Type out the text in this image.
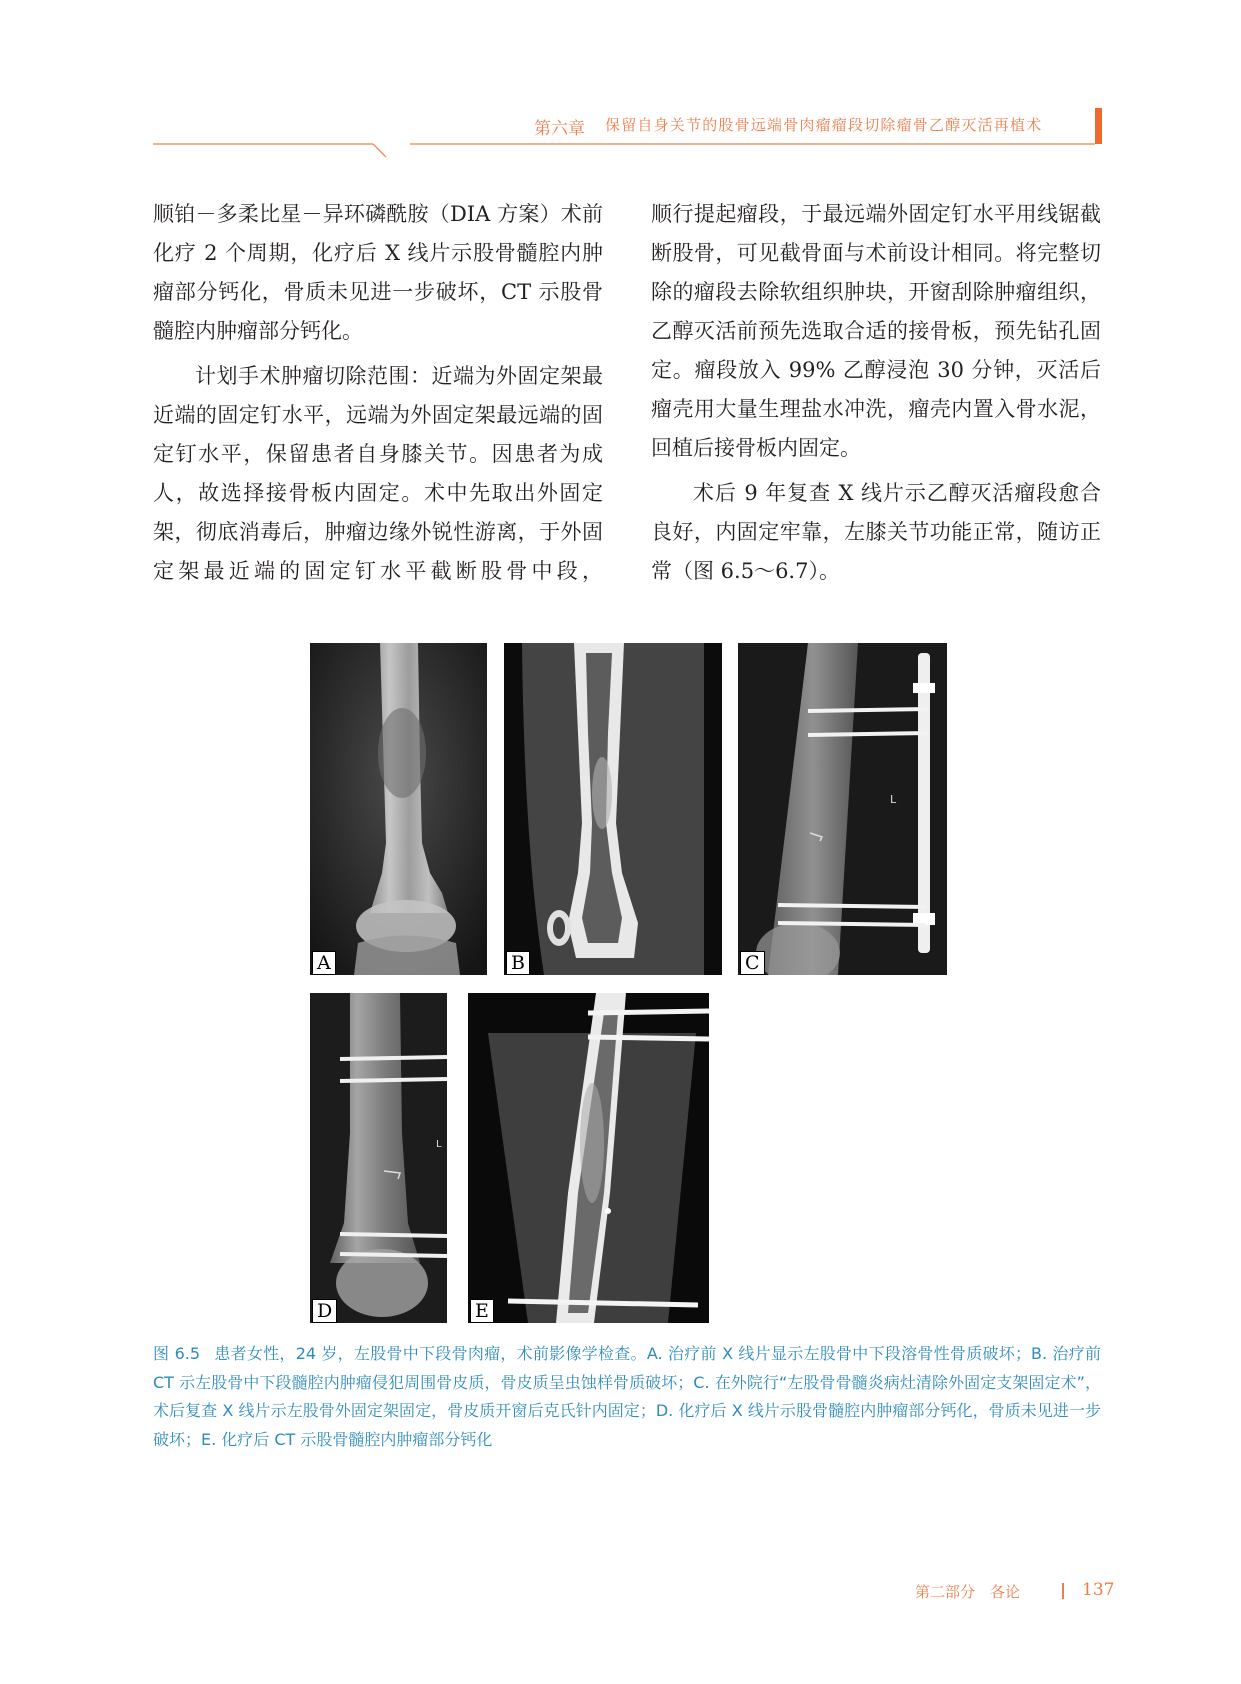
第六章 保留自身关节的股骨远端骨肉瘤瘤段切除瘤骨乙醇灭活再植术

顺铂－多柔比星－异环磷酰胺（DIA 方案）术前化疗 2 个周期，化疗后 X 线片示股骨髓腔内肿瘤部分钙化，骨质未见进一步破坏，CT 示股骨髓腔内肿瘤部分钙化。

计划手术肿瘤切除范围：近端为外固定架最近端的固定钉水平，远端为外固定架最远端的固定钉水平，保留患者自身膝关节。因患者为成人，故选择接骨板内固定。术中先取出外固定架，彻底消毒后，肿瘤边缘外锐性游离，于外固定架最近端的固定钉水平截断股骨中段，

顺行提起瘤段，于最远端外固定钉水平用线锯截断股骨，可见截骨面与术前设计相同。将完整切除的瘤段去除软组织肿块，开窗刮除肿瘤组织，乙醇灭活前预先选取合适的接骨板，预先钻孔固定。瘤段放入 99% 乙醇浸泡 30 分钟，灭活后瘤壳用大量生理盐水冲洗，瘤壳内置入骨水泥，回植后接骨板内固定。

术后 9 年复查 X 线片示乙醇灭活瘤段愈合良好，内固定牢靠，左膝关节功能正常，随访正常（图 6.5～6.7）。

A	B
L
C
L
D	E
图 6.5 患者女性，24 岁，左股骨中下段骨肉瘤，术前影像学检查。A. 治疗前 X 线片显示左股骨中下段溶骨性骨质破坏；B. 治疗前 CT 示左股骨中下段髓腔内肿瘤侵犯周围骨皮质，骨皮质呈虫蚀样骨质破坏；C. 在外院行“左股骨骨髓炎病灶清除外固定支架固定术”，术后复查 X 线片示左股骨外固定架固定，骨皮质开窗后克氏针内固定；D. 化疗后 X 线片示股骨髓腔内肿瘤部分钙化，骨质未见进一步破坏；E. 化疗后 CT 示股骨髓腔内肿瘤部分钙化
第二部分　各论	137
